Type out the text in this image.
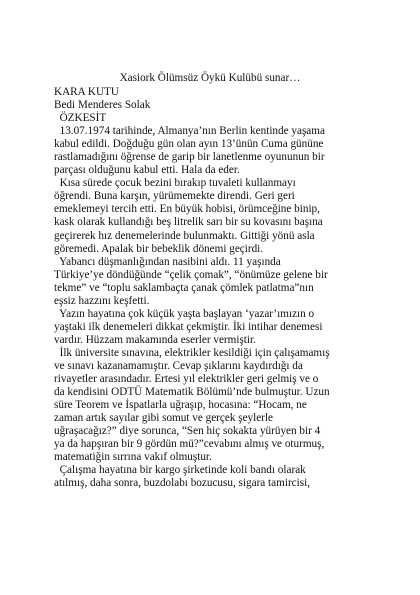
Xasiork Ölümsüz Öykü Kulübü sunar…
KARA KUTU
Bedi Menderes Solak
ÖZKESİT
13.07.1974 tarihinde, Almanya’nın Berlin kentinde yaşama
kabul edildi. Doğduğu gün olan ayın 13’ünün Cuma gününe
rastlamadığını öğrense de garip bir lanetlenme oyununun bir
parçası olduğunu kabul etti. Hala da eder.
Kısa sürede çocuk bezini bırakıp tuvaleti kullanmayı
öğrendi. Buna karşın, yürümemekte direndi. Geri geri
emeklemeyi tercih etti. En büyük hobisi, örümceğine binip,
kask olarak kullandığı beş litrelik sarı bir su kovasını başına
geçirerek hız denemelerinde bulunmaktı. Gittiği yönü asla
göremedi. Apalak bir bebeklik dönemi geçirdi.
Yabancı düşmanlığından nasibini aldı. 11 yaşında
Türkiye’ye döndüğünde “çelik çomak”, “önümüze gelene bir
tekme” ve “toplu saklambaçta çanak çömlek patlatma”nın
eşsiz hazzını keşfetti.
Yazın hayatına çok küçük yaşta başlayan ‘yazar’ımızın o
yaştaki ilk denemeleri dikkat çekmiştir. İki intihar denemesi
vardır. Hüzzam makamında eserler vermiştir.
İlk üniversite sınavına, elektrikler kesildiği için çalışamamış
ve sınavı kazanamamıştır. Cevap şıklarını kaydırdığı da
rivayetler arasındadır. Ertesi yıl elektrikler geri gelmiş ve o
da kendisini ODTÜ Matematik Bölümü’nde bulmuştur. Uzun
süre Teorem ve İspatlarla uğraşıp, hocasına: “Hocam, ne
zaman artık sayılar gibi somut ve gerçek şeylerle
uğraşacağız?” diye sorunca, “Sen hiç sokakta yürüyen bir 4
ya da hapşıran bir 9 gördün mü?”cevabını almış ve oturmuş,
matematiğin sırrına vakıf olmuştur.
Çalışma hayatına bir kargo şirketinde koli bandı olarak
atılmış, daha sonra, buzdolabı bozucusu, sigara tamircisi,
